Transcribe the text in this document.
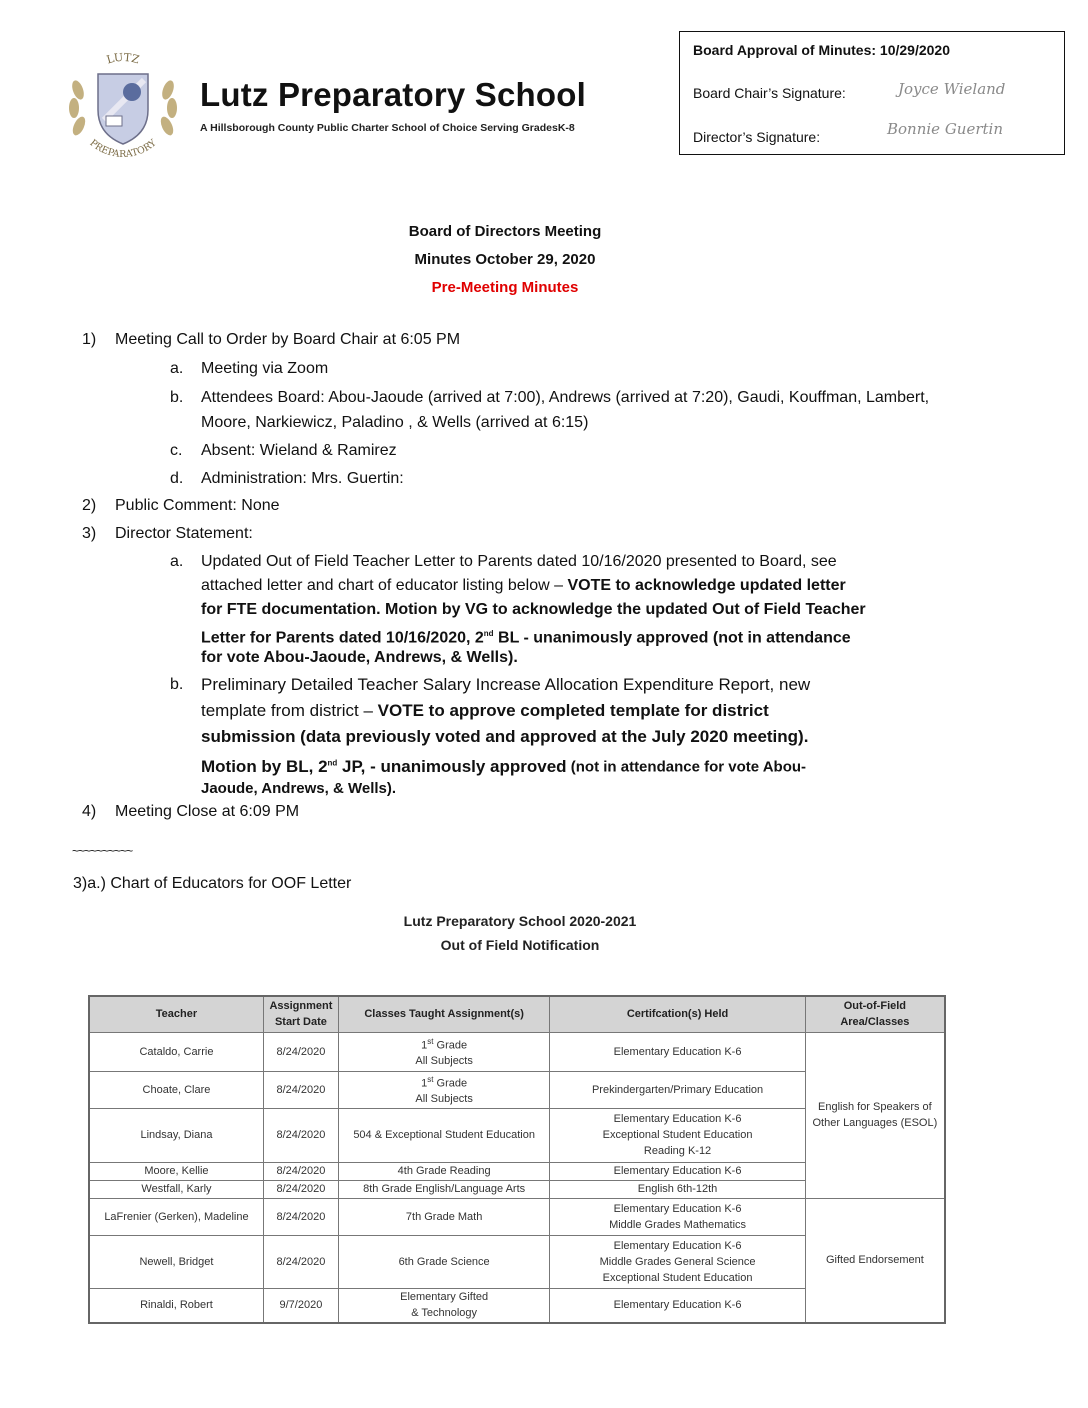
LUTZ
PREPARATORY
Lutz Preparatory School
A Hillsborough County Public Charter School of Choice Serving GradesK-8
Board Approval of Minutes: 10/29/2020
Board Chair’s Signature:	Joyce Wieland
Director’s Signature:	Bonnie Guertin
Board of Directors Meeting
Minutes October 29, 2020
Pre-Meeting Minutes
1) Meeting Call to Order by Board Chair at 6:05 PM
a. Meeting via Zoom
b. Attendees Board: Abou-Jaoude (arrived at 7:00), Andrews (arrived at 7:20), Gaudi, Kouffman, Lambert,
Moore, Narkiewicz, Paladino , & Wells (arrived at 6:15)
c. Absent: Wieland & Ramirez
d. Administration: Mrs. Guertin:
2) Public Comment: None
3) Director Statement:
a. Updated Out of Field Teacher Letter to Parents dated 10/16/2020 presented to Board, see
attached letter and chart of educator listing below – VOTE to acknowledge updated letter
for FTE documentation. Motion by VG to acknowledge the updated Out of Field Teacher
Letter for Parents dated 10/16/2020, 2nd BL - unanimously approved (not in attendance
for vote Abou-Jaoude, Andrews, & Wells).
b. Preliminary Detailed Teacher Salary Increase Allocation Expenditure Report, new
template from district – VOTE to approve completed template for district
submission (data previously voted and approved at the July 2020 meeting).
Motion by BL, 2nd JP, - unanimously approved (not in attendance for vote Abou-
Jaoude, Andrews, & Wells).
4) Meeting Close at 6:09 PM
~~~~~~~~~~
3)a.) Chart of Educators for OOF Letter
Lutz Preparatory School 2020-2021
Out of Field Notification
Teacher	Assignment
Start Date	Classes Taught Assignment(s)	Certifcation(s) Held	Out-of-Field
Area/Classes
Cataldo, Carrie	8/24/2020	1st Grade
All Subjects	Elementary Education K-6	English for Speakers of
Other Languages (ESOL)
Choate, Clare	8/24/2020	1st Grade
All Subjects	Prekindergarten/Primary Education	
Lindsay, Diana	8/24/2020	504 & Exceptional Student Education	Elementary Education K-6
Exceptional Student Education
Reading K-12	
Moore, Kellie	8/24/2020	4th Grade Reading	Elementary Education K-6	
Westfall, Karly	8/24/2020	8th Grade English/Language Arts	English 6th-12th	
LaFrenier (Gerken), Madeline	8/24/2020	7th Grade Math	Elementary Education K-6
Middle Grades Mathematics	Gifted Endorsement
Newell, Bridget	8/24/2020	6th Grade Science	Elementary Education K-6
Middle Grades General Science
Exceptional Student Education	
Rinaldi, Robert	9/7/2020	Elementary Gifted
& Technology	Elementary Education K-6	
